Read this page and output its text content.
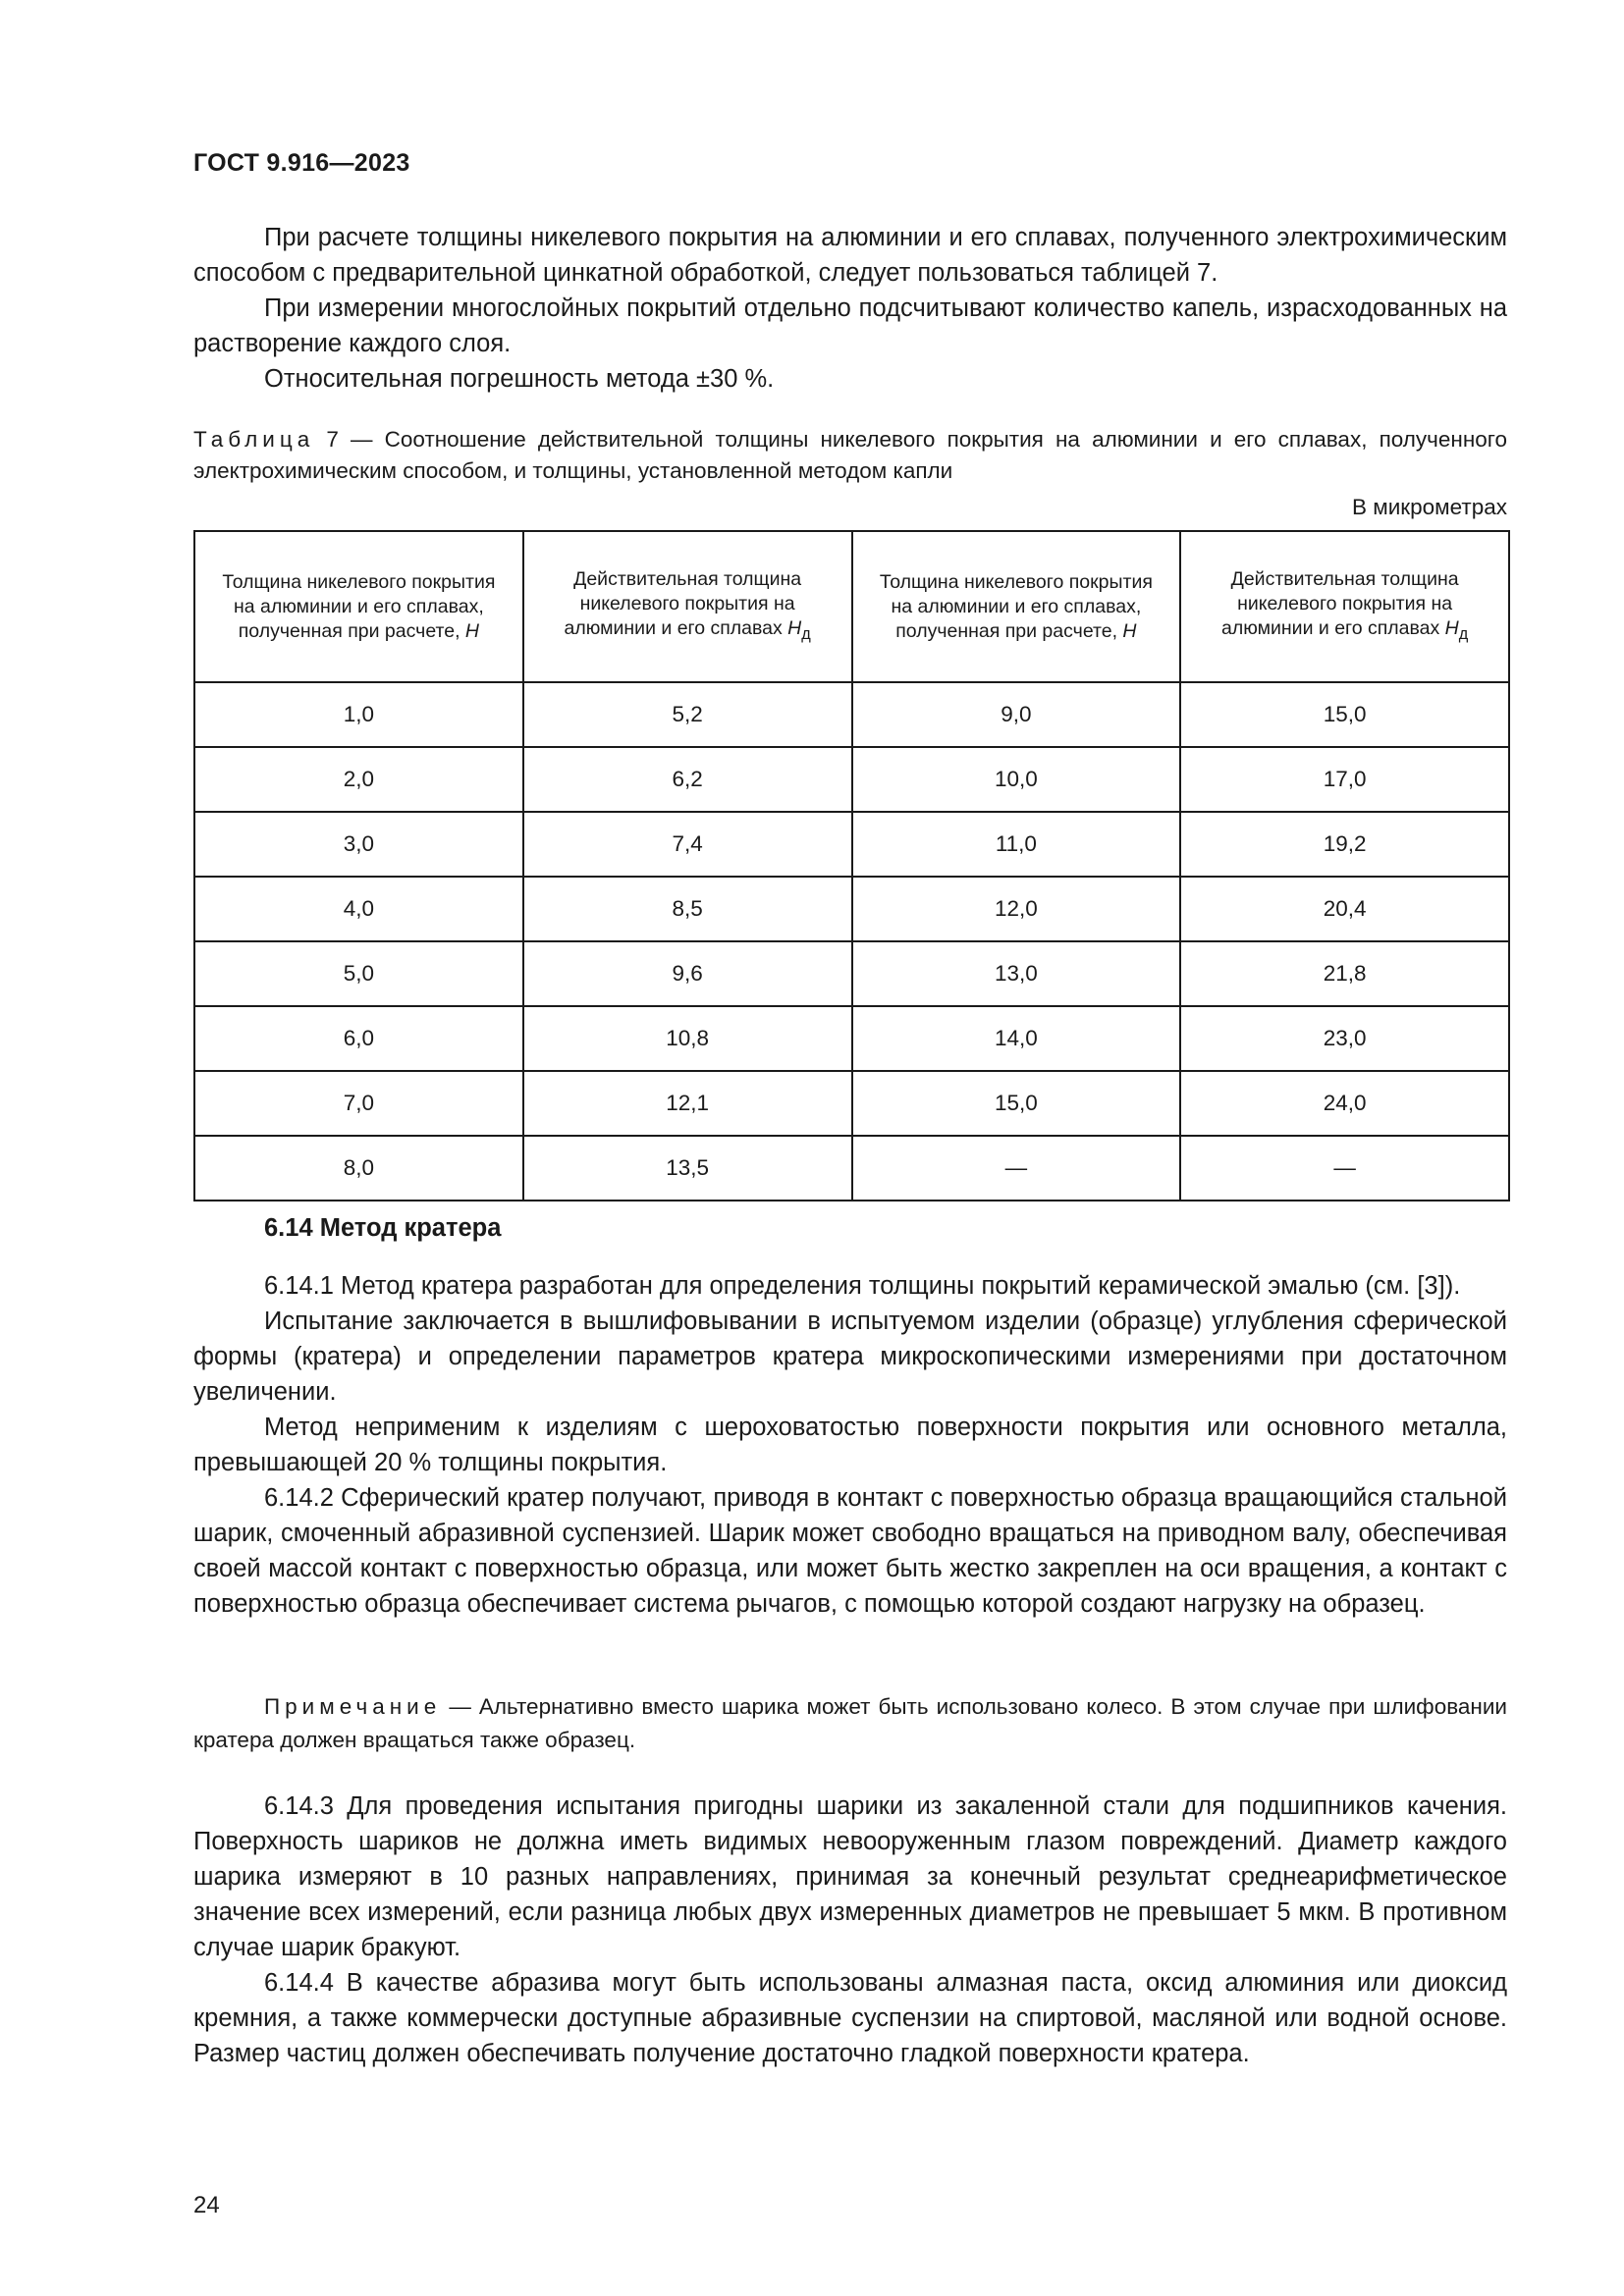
ГОСТ 9.916—2023

При расчете толщины никелевого покрытия на алюминии и его сплавах, полученного электрохимическим способом с предварительной цинкатной обработкой, следует пользоваться таблицей 7.

При измерении многослойных покрытий отдельно подсчитывают количество капель, израсходованных на растворение каждого слоя.

Относительная погрешность метода ±30 %.

Таблица 7 — Соотношение действительной толщины никелевого покрытия на алюминии и его сплавах, полученного электрохимическим способом, и толщины, установленной методом капли
В микрометрах
Толщина никелевого покрытия на алюминии и его сплавах, полученная при расчете, H	Действительная толщина никелевого покрытия на алюминии и его сплавах $H_д$	Толщина никелевого покрытия на алюминии и его сплавах, полученная при расчете, H	Действительная толщина никелевого покрытия на алюминии и его сплавах $H_д$
1,0	5,2	9,0	15,0
2,0	6,2	10,0	17,0
3,0	7,4	11,0	19,2
4,0	8,5	12,0	20,4
5,0	9,6	13,0	21,8
6,0	10,8	14,0	23,0
7,0	12,1	15,0	24,0
8,0	13,5	—	—
6.14 Метод кратера

6.14.1 Метод кратера разработан для определения толщины покрытий керамической эмалью (см. [3]).

Испытание заключается в вышлифовывании в испытуемом изделии (образце) углубления сферической формы (кратера) и определении параметров кратера микроскопическими измерениями при достаточном увеличении.

Метод неприменим к изделиям с шероховатостью поверхности покрытия или основного металла, превышающей 20 % толщины покрытия.

6.14.2 Сферический кратер получают, приводя в контакт с поверхностью образца вращающийся стальной шарик, смоченный абразивной суспензией. Шарик может свободно вращаться на приводном валу, обеспечивая своей массой контакт с поверхностью образца, или может быть жестко закреплен на оси вращения, а контакт с поверхностью образца обеспечивает система рычагов, с помощью которой создают нагрузку на образец.

Примечание — Альтернативно вместо шарика может быть использовано колесо. В этом случае при шлифовании кратера должен вращаться также образец.

6.14.3 Для проведения испытания пригодны шарики из закаленной стали для подшипников качения. Поверхность шариков не должна иметь видимых невооруженным глазом повреждений. Диаметр каждого шарика измеряют в 10 разных направлениях, принимая за конечный результат среднеарифметическое значение всех измерений, если разница любых двух измеренных диаметров не превышает 5 мкм. В противном случае шарик бракуют.

6.14.4 В качестве абразива могут быть использованы алмазная паста, оксид алюминия или диоксид кремния, а также коммерчески доступные абразивные суспензии на спиртовой, масляной или водной основе. Размер частиц должен обеспечивать получение достаточно гладкой поверхности кратера.

24
